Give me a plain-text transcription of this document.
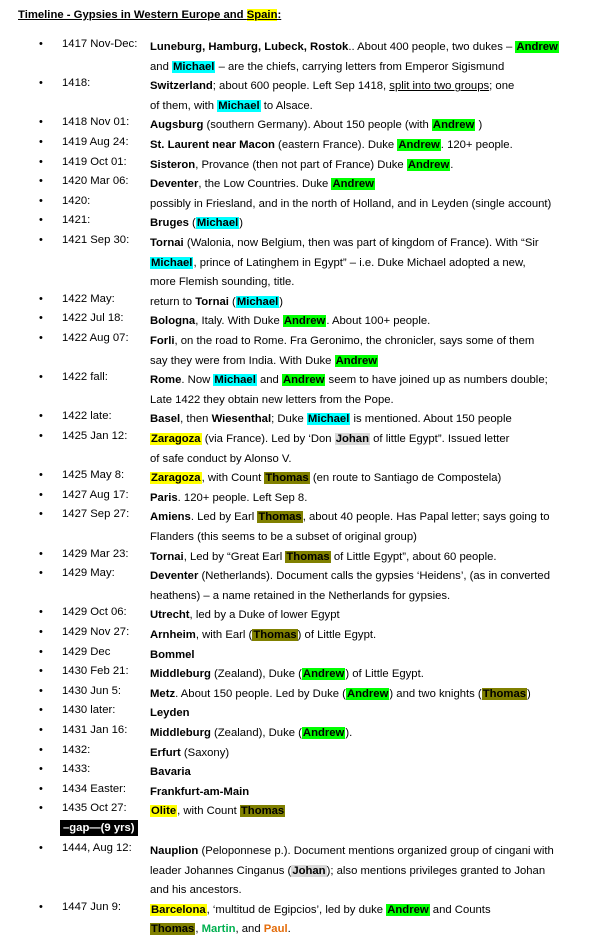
Timeline - Gypsies in Western Europe and Spain:
• 1417 Nov-Dec: Luneburg, Hamburg, Lubeck, Rostok.. About 400 people, two dukes – Andrew
and Michael – are the chiefs, carrying letters from Emperor Sigismund
• 1418:	Switzerland; about 600 people. Left Sep 1418, split into two groups; one
of them, with Michael to Alsace.
• 1418 Nov 01: Augsburg (southern Germany). About 150 people (with Andrew )
• 1419 Aug 24: St. Laurent near Macon (eastern France). Duke Andrew. 120+ people.
• 1419 Oct 01: Sisteron, Provance (then not part of France) Duke Andrew.
• 1420 Mar 06: Deventer, the Low Countries. Duke Andrew
• 1420:	possibly in Friesland, and in the north of Holland, and in Leyden (single account)
• 1421:	Bruges (Michael)
• 1421 Sep 30: Tornai (Walonia, now Belgium, then was part of kingdom of France). With “Sir
Michael, prince of Latinghem in Egypt” – i.e. Duke Michael adopted a new,
more Flemish sounding, title.
• 1422 May:	return to Tornai (Michael)
• 1422 Jul 18: Bologna, Italy. With Duke Andrew. About 100+ people.
• 1422 Aug 07: Forli, on the road to Rome. Fra Geronimo, the chronicler, says some of them
say they were from India. With Duke Andrew
• 1422 fall:	Rome. Now Michael and Andrew seem to have joined up as numbers double;
Late 1422 they obtain new letters from the Pope.
• 1422 late:	Basel, then Wiesenthal; Duke Michael is mentioned. About 150 people
• 1425 Jan 12: Zaragoza (via France). Led by ‘Don Johan of little Egypt”. Issued letter
of safe conduct by Alonso V.
• 1425 May 8: Zaragoza, with Count Thomas (en route to Santiago de Compostela)
• 1427 Aug 17: Paris. 120+ people. Left Sep 8.
• 1427 Sep 27: Amiens. Led by Earl Thomas, about 40 people. Has Papal letter; says going to
Flanders (this seems to be a subset of original group)
• 1429 Mar 23: Tornai, Led by “Great Earl Thomas of Little Egypt”, about 60 people.
• 1429 May:	Deventer (Netherlands). Document calls the gypsies ‘Heidens’, (as in converted
heathens) – a name retained in the Netherlands for gypsies.
• 1429 Oct 06: Utrecht, led by a Duke of lower Egypt
• 1429 Nov 27: Arnheim, with Earl (Thomas) of Little Egypt.
• 1429 Dec	Bommel
• 1430 Feb 21: Middleburg (Zealand), Duke (Andrew) of Little Egypt.
• 1430 Jun 5:	Metz. About 150 people. Led by Duke (Andrew) and two knights (Thomas)
• 1430 later:	Leyden
• 1431 Jan 16: Middleburg (Zealand), Duke (Andrew).
• 1432:	Erfurt (Saxony)
• 1433:	Bavaria
• 1434 Easter: Frankfurt-am-Main
• 1435 Oct 27: Olite, with Count Thomas
–gap—(9 yrs)
• 1444, Aug 12: Nauplion (Peloponnese p.). Document mentions organized group of cingani with
leader Johannes Cinganus (Johan); also mentions privileges granted to Johan
and his ancestors.
• 1447 Jun 9:	Barcelona, ‘multitud de Egipcios’, led by duke Andrew and Counts
Thomas, Martin, and Paul.
